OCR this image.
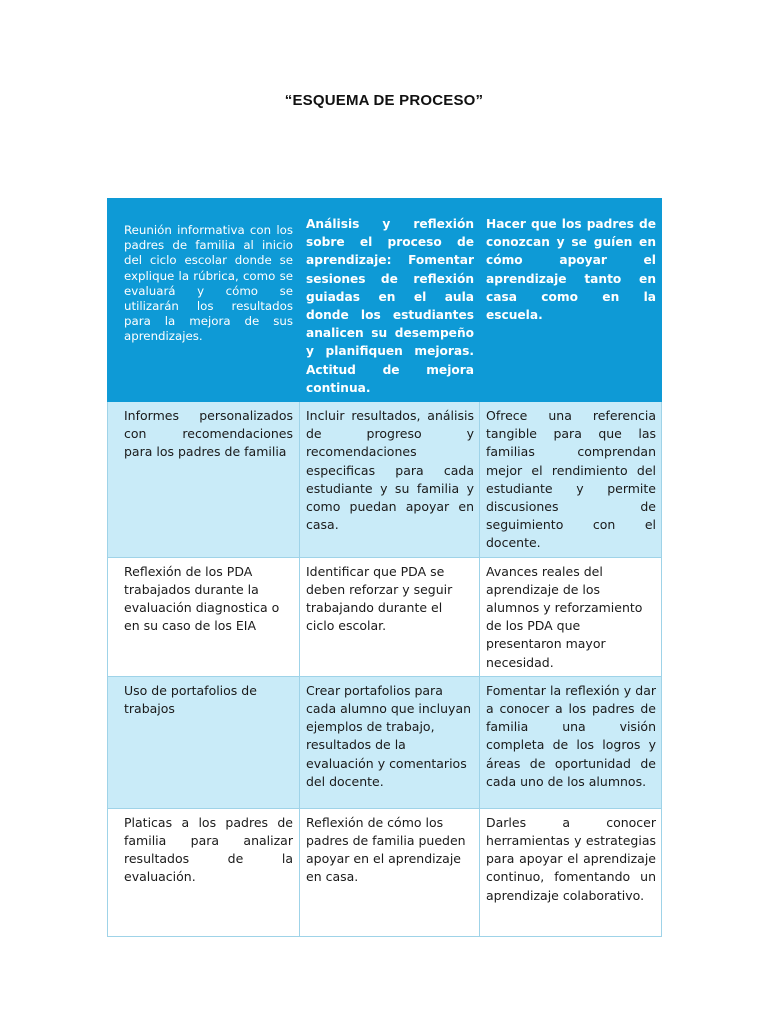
“ESQUEMA DE PROCESO”
Reunión informativa con los padres de familia al inicio del ciclo escolar donde se explique la rúbrica, como se evaluará y cómo se utilizarán los resultados para la mejora de sus aprendizajes.	Análisis y reflexión sobre el proceso de aprendizaje: Fomentar sesiones de reflexión guiadas en el aula donde los estudiantes analicen su desempeño y planifiquen mejoras. Actitud de mejora continua.	Hacer que los padres de conozcan y se guíen en cómo apoyar el aprendizaje tanto en casa como en la escuela.
Informes personalizados con recomendaciones para los padres de familia	Incluir resultados, análisis de progreso y recomendaciones especificas para cada estudiante y su familia y como puedan apoyar en casa.	Ofrece una referencia tangible para que las familias comprendan mejor el rendimiento del estudiante y permite discusiones de seguimiento con el docente.
Reflexión de los PDA trabajados durante la evaluación diagnostica o en su caso de los EIA	Identificar que PDA se deben reforzar y seguir trabajando durante el ciclo escolar.	Avances reales del aprendizaje de los alumnos y reforzamiento de los PDA que presentaron mayor necesidad.
Uso de portafolios de trabajos	Crear portafolios para cada alumno que incluyan ejemplos de trabajo, resultados de la evaluación y comentarios del docente.	Fomentar la reflexión y dar a conocer a los padres de familia una visión completa de los logros y áreas de oportunidad de cada uno de los alumnos.
Platicas a los padres de familia para analizar resultados de la evaluación.	Reflexión de cómo los padres de familia pueden apoyar en el aprendizaje en casa.	Darles a conocer herramientas y estrategias para apoyar el aprendizaje continuo, fomentando un aprendizaje colaborativo.
